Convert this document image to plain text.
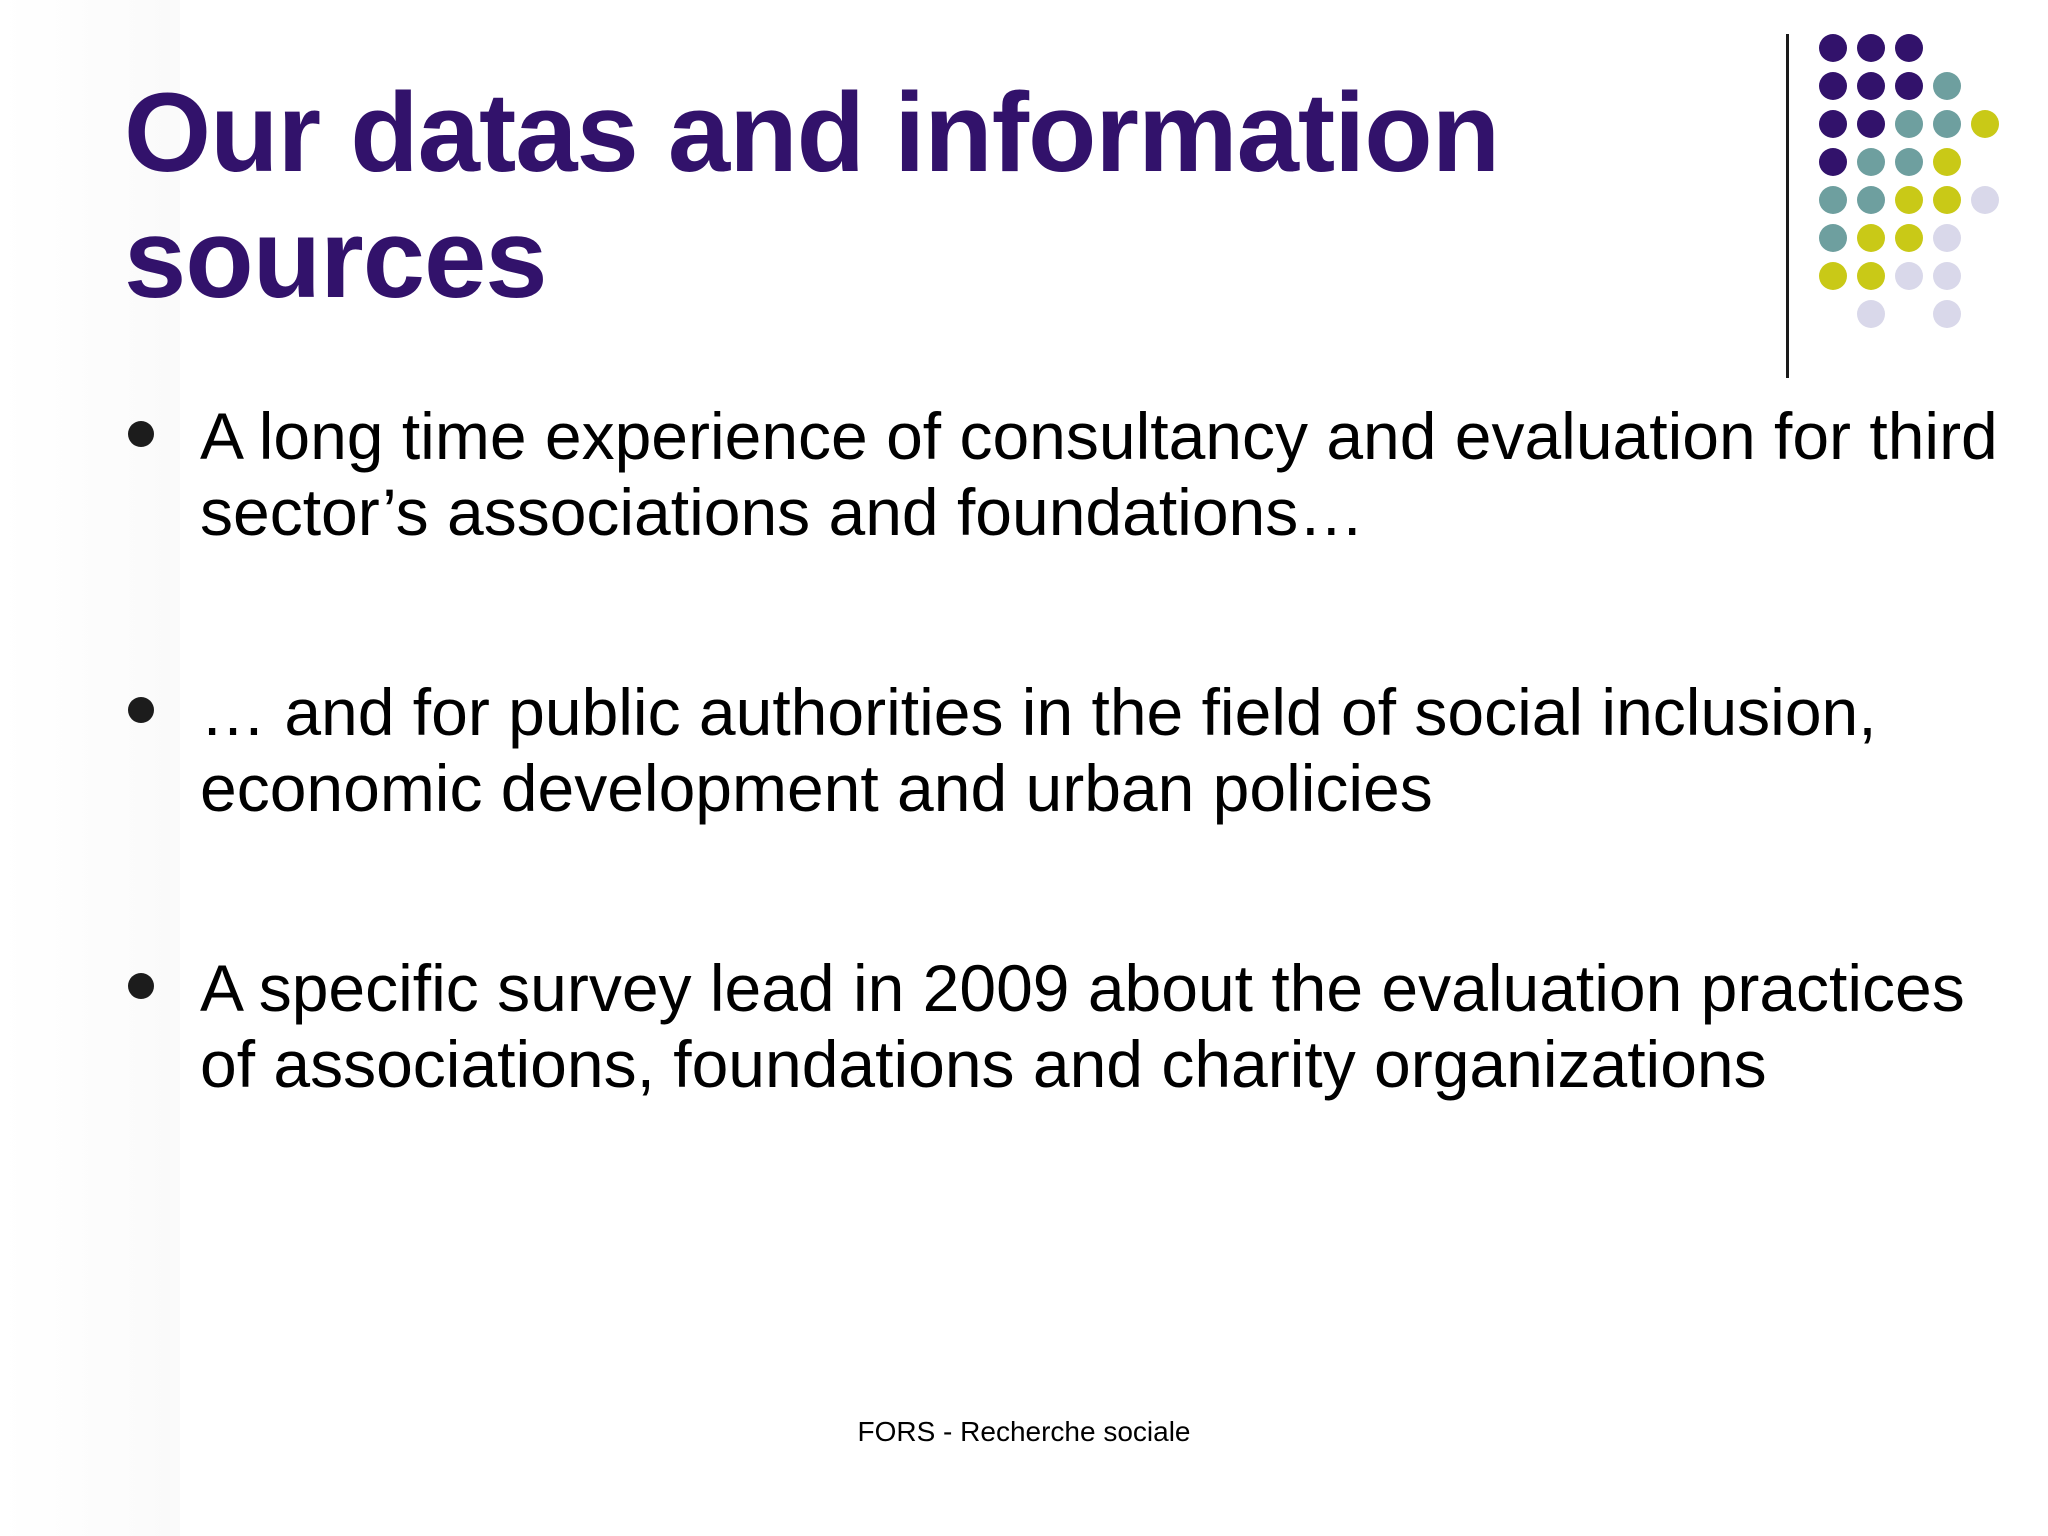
Our datas and information
sources
A long time experience of consultancy and evaluation for third sector’s associations and foundations…
… and for public authorities in the field of social inclusion, economic development and urban policies
A specific survey lead in 2009 about the evaluation practices of associations, foundations and charity organizations
FORS - Recherche sociale
